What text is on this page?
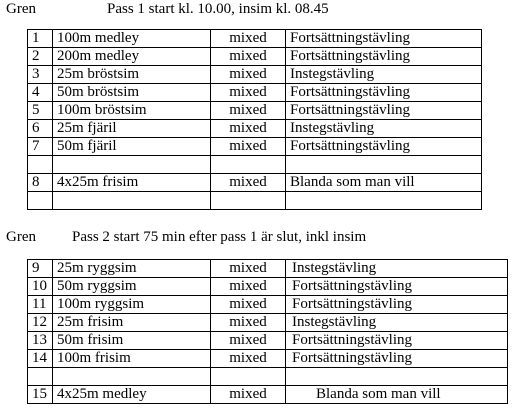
Gren	Pass 1 start kl. 10.00, insim kl. 08.45
1	100m medley	mixed	Fortsättningstävling
2	200m medley	mixed	Fortsättningstävling
3	25m bröstsim	mixed	Instegstävling
4	50m bröstsim	mixed	Fortsättningstävling
5	100m bröstsim	mixed	Fortsättningstävling
6	25m fjäril	mixed	Instegstävling
7	50m fjäril	mixed	Fortsättningstävling

8	4x25m frisim	mixed	Blanda som man vill

Gren Pass 2 start 75 min efter pass 1 är slut, inkl insim
9	25m ryggsim	mixed	Instegstävling
10	50m ryggsim	mixed	Fortsättningstävling
11	100m ryggsim	mixed	Fortsättningstävling
12	25m frisim	mixed	Instegstävling
13	50m frisim	mixed	Fortsättningstävling
14	100m frisim	mixed	Fortsättningstävling

15	4x25m medley	mixed	Blanda som man vill
